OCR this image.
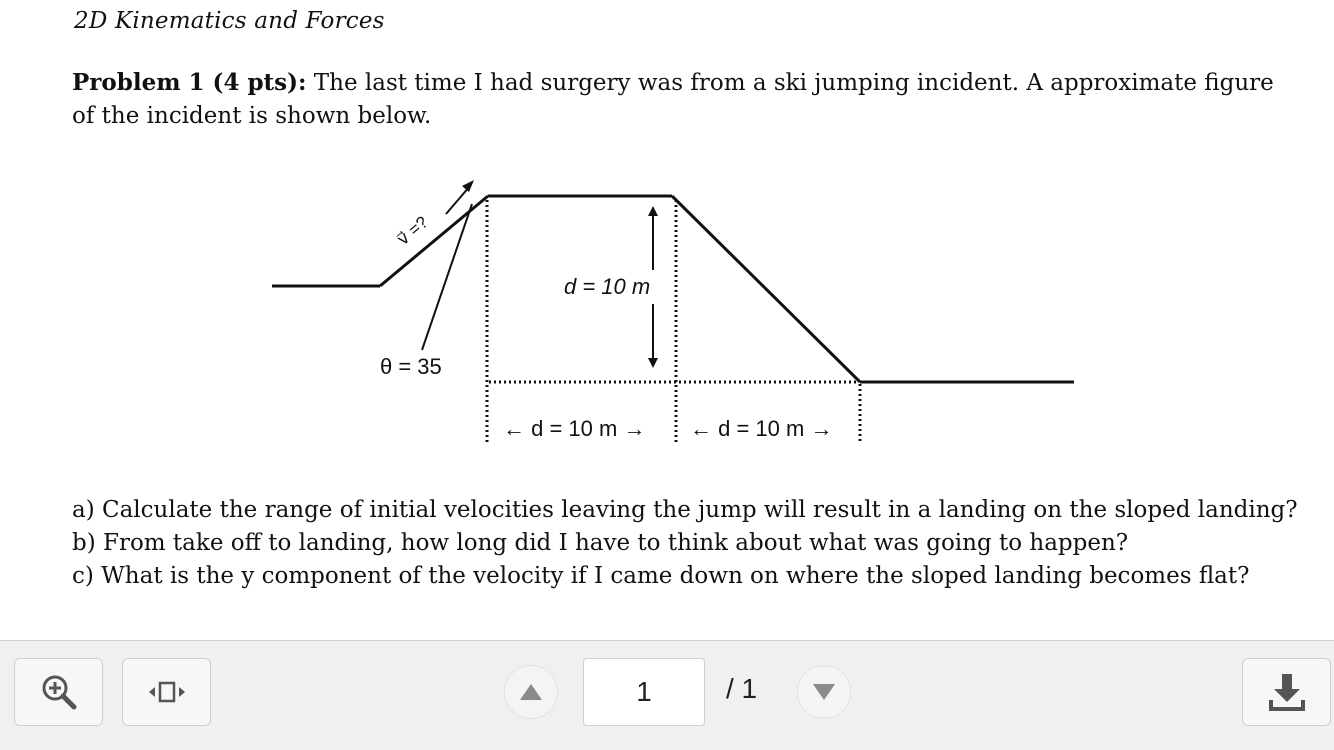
2D Kinematics and Forces
Problem 1 (4 pts): The last time I had surgery was from a ski jumping incident. A approximate figure of the incident is shown below.
v⃗ =?
θ = 35
d = 10 m
← d = 10 m → ← d = 10 m →
a) Calculate the range of initial velocities leaving the jump will result in a landing on the sloped landing?
b) From take off to landing, how long did I have to think about what was going to happen?
c) What is the y component of the velocity if I came down on where the sloped landing becomes flat?
1
/ 1
